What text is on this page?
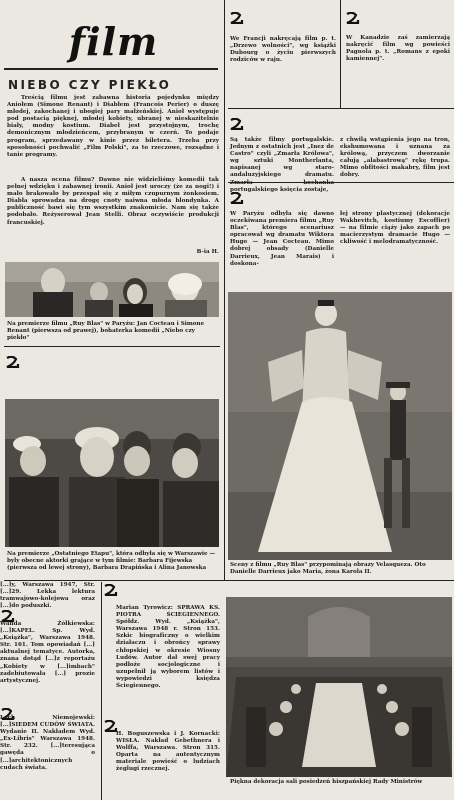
film
NIEBO CZY PIEKŁO
Treścią filmu jest zabawna historia pojedynku między Aniołem (Simone Renant) i Diabłem (Francois Perier) o duszę młodej, zakochanej i ubogiej pary małżeńskiej. Anioł występuje pod postacią pięknej, młodej kobiety, ubranej w nieskazitelnie biały, modny kostium. Diabeł jest przystojnym, trochę demonicznym młodzieńcem, przybranym w czerń. To podaje program, sprzedawany w kinie przez biletera. Trzeba przy sposobności pochwalić „Film Polski", za to rzeczowe, rozsądne i tanie programy.
A nasza ocena filmu? Dawno nie widzieliśmy komedii tak pełnej wdzięku i zabawnej ironii. Anioł jest uroczy (że za nogi!) i mało brakowało by przespał się z miłym czupurnym żonkosiem. Diabła sprowadza na drogę cnoty naiwna młoda blondynka. A publiczność bawi się tym wszystkim znakomicie. Nam się także podobało. Reżyserował Jean Stelli. Obraz oczywiście produkcji francuskiej.
B-ia H.
Na premierze filmu „Ruy Blas" w Paryżu: Jan Cocteau i Simone Renant (pierwsza od prawej), bohaterka komedii „Niebo czy piekło"
Na premierze „Ostatniego Etapu", która odbyła się w Warszawie — byly obecne aktorki grające w tym filmie: Barbara Fijewska (pierwsza od lewej strony), Barbara Drapińska i Alina Janowska
[...]y, Warszawa 1947, Str. [...]29. Lekka lektura tramwajowo-kolejowa oraz [...]do poduszki.
Wanda Żółkiewska: [...]KAPEL. Sp. Wyd. „Książka", Warszawa 1948. Str. 161. Tom opowiadań [...] aktualnej tematyce. Autorka, znana dotąd [...]z reportażu „Kobiety w [...]imbach" zadebiutowała [...] prozie artystycznej.
Lech Niemojewski: [...]SIEDEM CUDÓW ŚWIATA. Wydanie II. Nakładem Wyd. „Ex-Libris" Warszawa 1948. Str. 232. [...]teresująca gawęda o [...]architektonicznych cudach świata.
Marian Tyrowicz: SPRAWA KS. PIOTRA ŚCIEGIENNEGO. Spółdz. Wyd. „Książka", Warszawa 1948 r. Stron 153. Szkic biograficzny o wielkim działaczu i obrońcy sprawy chłopskiej w okresie Wiosny Ludów. Autor dał swej pracy podłoże socjologiczne i uzupełnił ją wyborem listów i wypowiedzi księdza Ściegiennego.
H. Boguszewska i J. Kornacki: WISŁA. Nakład Gebethnera i Wolffa, Warszawa. Stron 315. Oparta na autentycznym materiale powieść o ludziach żeglugi rzecznej.
We Francji nakręcają film p. t. „Drzewo wolności", wg książki Dubourg o życiu pierwszych rodziców w raju.
W Kanadzie zaś zamierzają nakręcić film wg powieści Pagnola p. t. „Romans z epoki kamiennej".
Są także filmy portugalskie. Jednym z ostatnich jest „Inez de Castro" czyli „Zmarła Królowa", wg sztuki Montherlanta, napisanej wg staro-andaluzyjskiego dramatu. portugalskiego księcia zostaje,
z chwilą wstąpienia jego na tron, ekshumowana i uznana za królową, przyczem dworzanie całują „alabastrową" rękę trupa. Mimo obfitości makabry, film jest dobry.
W Paryżu odbyła się dawno oczekiwana premiera filmu „Ruy Blas", którego scenariusz opracował wg dramatu Wiktora Hugo — Jean Cocteau. Mimo dobrej obsady (Danielle Darrieux, Jean Marais) i doskona-
łej strony plastycznej (dekoracje Wakhevitch, kostiumy Escoffier) — na filmie ciąży jako zapach po macierzystym dramacie Hugo — ckliwość i melodramatyczność.
Sceny z filmu „Ruy Blas" przypominają obrazy Velasqueza. Oto Danielle Darrieux jako Maria, żona Karola II.
Piękna dekoracja sali posiedzeń hiszpańskiej Rady Ministrów
